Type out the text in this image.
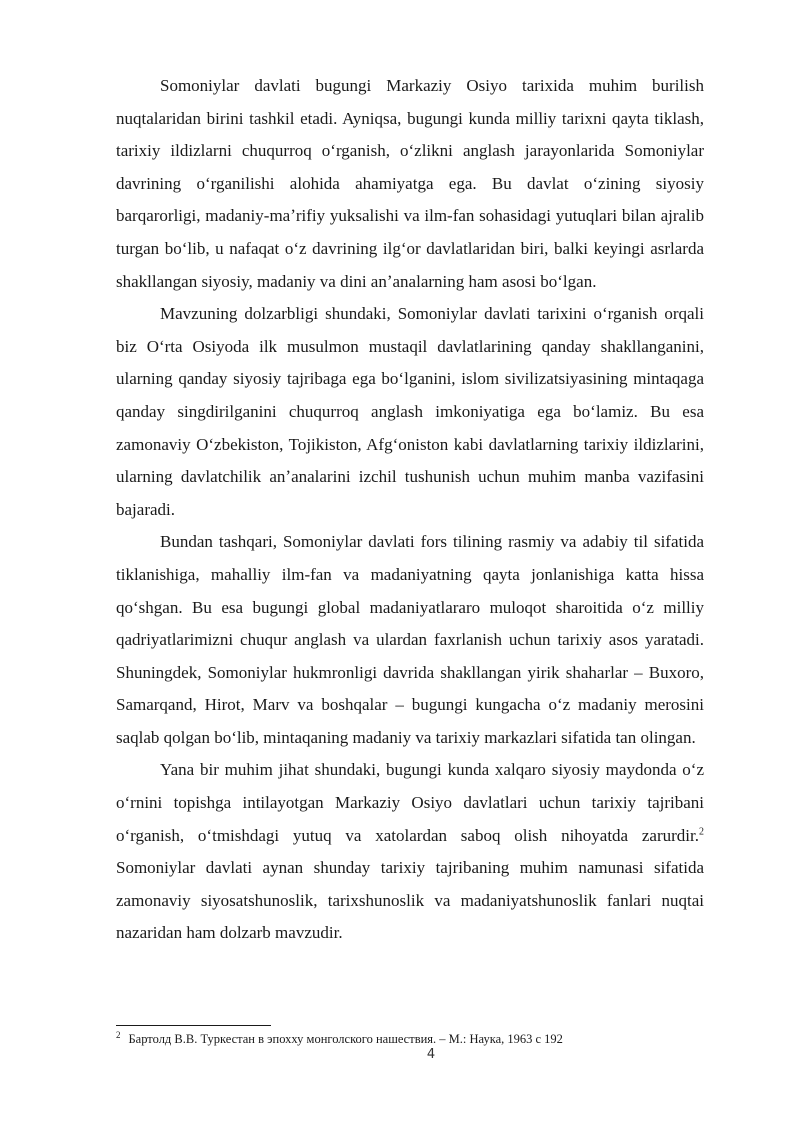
Somoniylar davlati bugungi Markaziy Osiyo tarixida muhim burilish nuqtalaridan birini tashkil etadi. Ayniqsa, bugungi kunda milliy tarixni qayta tiklash, tarixiy ildizlarni chuqurroq oʻrganish, oʻzlikni anglash jarayonlarida Somoniylar davrining oʻrganilishi alohida ahamiyatga ega. Bu davlat oʻzining siyosiy barqarorligi, madaniy-maʼrifiy yuksalishi va ilm-fan sohasidagi yutuqlari bilan ajralib turgan boʻlib, u nafaqat oʻz davrining ilgʻor davlatlaridan biri, balki keyingi asrlarda shakllangan siyosiy, madaniy va dini anʼanalarning ham asosi boʻlgan.

Mavzuning dolzarbligi shundaki, Somoniylar davlati tarixini oʻrganish orqali biz Oʻrta Osiyoda ilk musulmon mustaqil davlatlarining qanday shakllanganini, ularning qanday siyosiy tajribaga ega boʻlganini, islom sivilizatsiyasining mintaqaga qanday singdirilganini chuqurroq anglash imkoniyatiga ega boʻlamiz. Bu esa zamonaviy Oʻzbekiston, Tojikiston, Afgʻoniston kabi davlatlarning tarixiy ildizlarini, ularning davlatchilik anʼanalarini izchil tushunish uchun muhim manba vazifasini bajaradi.

Bundan tashqari, Somoniylar davlati fors tilining rasmiy va adabiy til sifatida tiklanishiga, mahalliy ilm-fan va madaniyatning qayta jonlanishiga katta hissa qoʻshgan. Bu esa bugungi global madaniyatlararo muloqot sharoitida oʻz milliy qadriyatlarimizni chuqur anglash va ulardan faxrlanish uchun tarixiy asos yaratadi. Shuningdek, Somoniylar hukmronligi davrida shakllangan yirik shaharlar – Buxoro, Samarqand, Hirot, Marv va boshqalar – bugungi kungacha oʻz madaniy merosini saqlab qolgan boʻlib, mintaqaning madaniy va tarixiy markazlari sifatida tan olingan.

Yana bir muhim jihat shundaki, bugungi kunda xalqaro siyosiy maydonda oʻz oʻrnini topishga intilayotgan Markaziy Osiyo davlatlari uchun tarixiy tajribani oʻrganish, oʻtmishdagi yutuq va xatolardan saboq olish nihoyatda zarurdir.$^2$ Somoniylar davlati aynan shunday tarixiy tajribaning muhim namunasi sifatida zamonaviy siyosatshunoslik, tarixshunoslik va madaniyatshunoslik fanlari nuqtai nazaridan ham dolzarb mavzudir.

$^2$ Бартолд В.В. Туркестан в эпохху монголского нашествия. – М.: Наука, 1963 с 192
4
